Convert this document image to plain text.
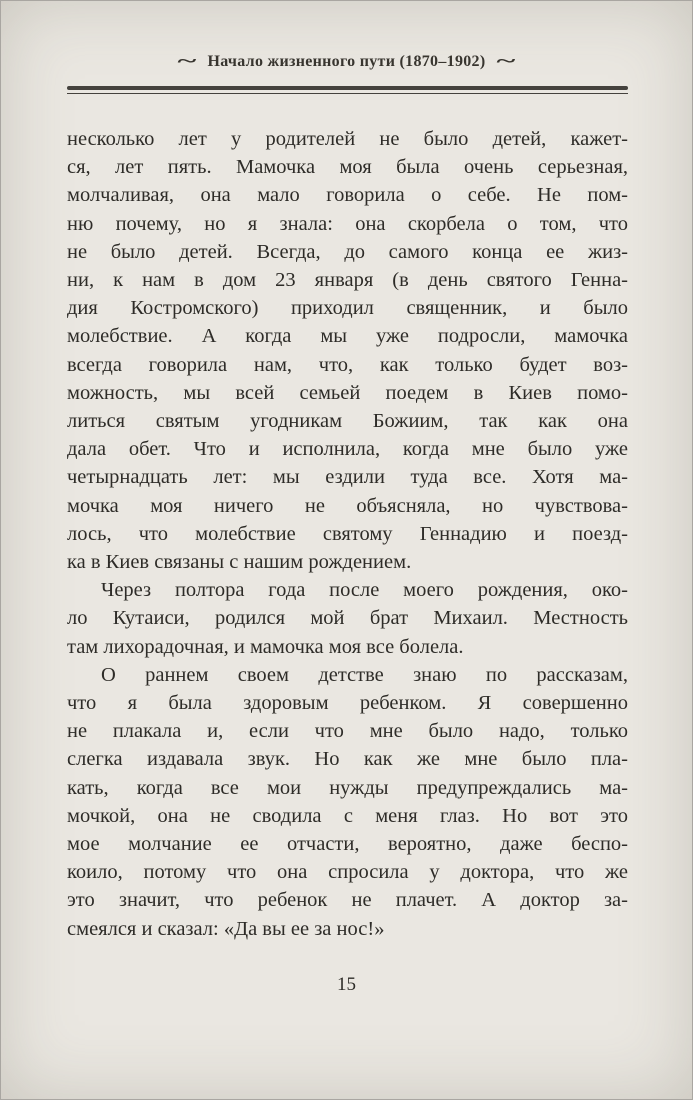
~ Начало жизненного пути (1870–1902) ~
несколько лет у родителей не было детей, кажет-
ся, лет пять. Мамочка моя была очень серьезная,
молчаливая, она мало говорила о себе. Не пом-
ню почему, но я знала: она скорбела о том, что
не было детей. Всегда, до самого конца ее жиз-
ни, к нам в дом 23 января (в день святого Генна-
дия Костромского) приходил священник, и было
молебствие. А когда мы уже подросли, мамочка
всегда говорила нам, что, как только будет воз-
можность, мы всей семьей поедем в Киев помо-
литься святым угодникам Божиим, так как она
дала обет. Что и исполнила, когда мне было уже
четырнадцать лет: мы ездили туда все. Хотя ма-
мочка моя ничего не объясняла, но чувствова-
лось, что молебствие святому Геннадию и поезд-
ка в Киев связаны с нашим рождением.
Через полтора года после моего рождения, око-
ло Кутаиси, родился мой брат Михаил. Местность
там лихорадочная, и мамочка моя все болела.
О раннем своем детстве знаю по рассказам,
что я была здоровым ребенком. Я совершенно
не плакала и, если что мне было надо, только
слегка издавала звук. Но как же мне было пла-
кать, когда все мои нужды предупреждались ма-
мочкой, она не сводила с меня глаз. Но вот это
мое молчание ее отчасти, вероятно, даже беспо-
коило, потому что она спросила у доктора, что же
это значит, что ребенок не плачет. А доктор за-
смеялся и сказал: «Да вы ее за нос!»
15
